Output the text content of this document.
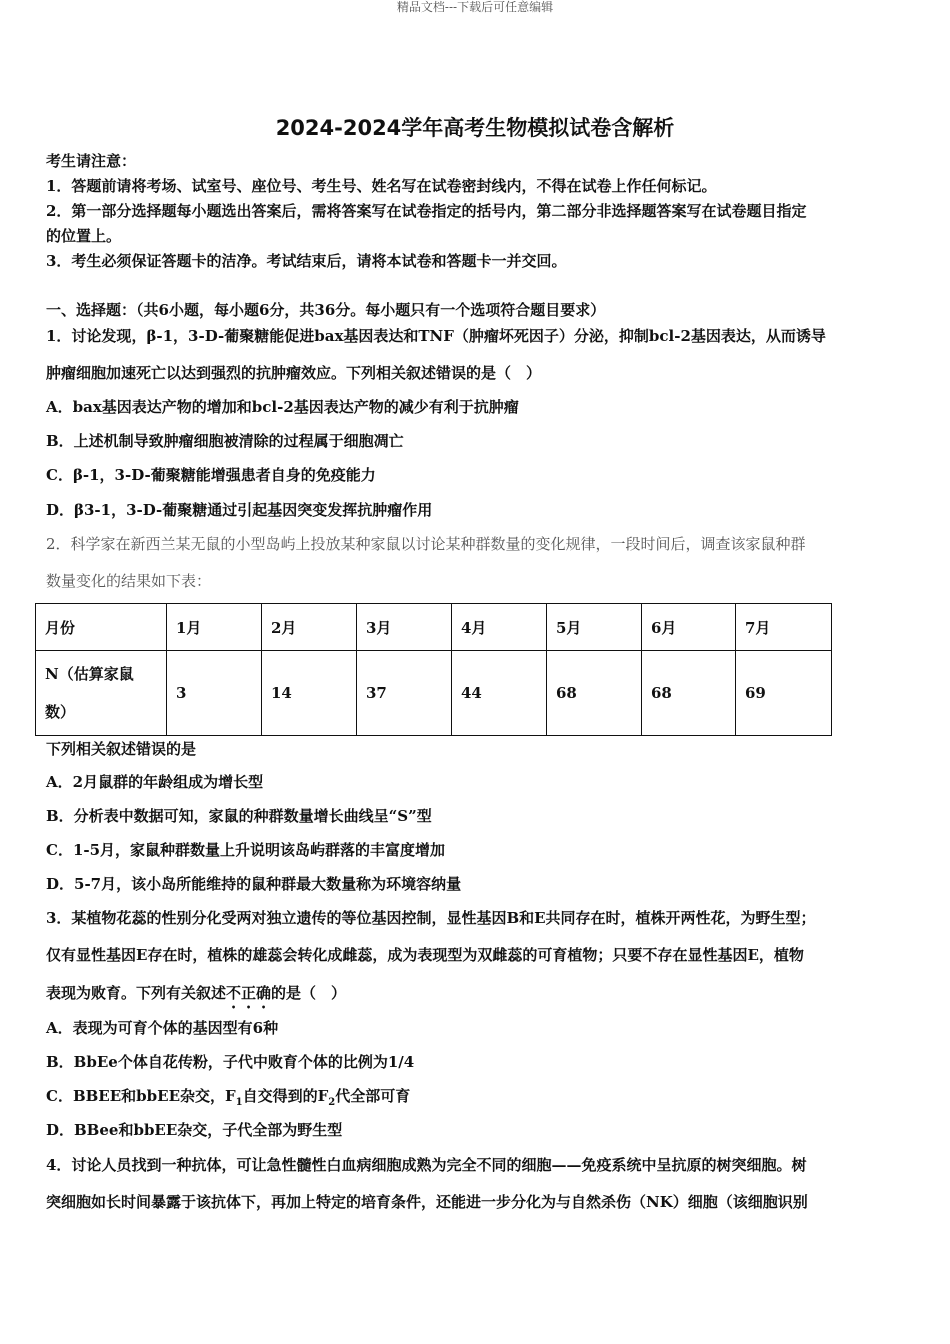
精品文档---下载后可任意编辑
2024-2024学年高考生物模拟试卷含解析
考生请注意：
1．答题前请将考场、试室号、座位号、考生号、姓名写在试卷密封线内，不得在试卷上作任何标记。
2．第一部分选择题每小题选出答案后，需将答案写在试卷指定的括号内，第二部分非选择题答案写在试卷题目指定
的位置上。
3．考生必须保证答题卡的洁净。考试结束后，请将本试卷和答题卡一并交回。
一、选择题：（共6小题，每小题6分，共36分。每小题只有一个选项符合题目要求）
1．讨论发现，β-1，3-D-葡聚糖能促进bax基因表达和TNF（肿瘤坏死因子）分泌，抑制bcl-2基因表达，从而诱导
肿瘤细胞加速死亡以达到强烈的抗肿瘤效应。下列相关叙述错误的是（　）
A．bax基因表达产物的增加和bcl-2基因表达产物的减少有利于抗肿瘤
B．上述机制导致肿瘤细胞被清除的过程属于细胞凋亡
C．β-1，3-D-葡聚糖能增强患者自身的免疫能力
D．β3-1，3-D-葡聚糖通过引起基因突变发挥抗肿瘤作用
2．科学家在新西兰某无鼠的小型岛屿上投放某种家鼠以讨论某种群数量的变化规律，一段时间后，调查该家鼠种群
数量变化的结果如下表：
月份	1月	2月	3月	4月	5月	6月	7月

N（估算家鼠
数）	3	14	37	44	68	68	69
下列相关叙述错误的是
A．2月鼠群的年龄组成为增长型
B．分析表中数据可知，家鼠的种群数量增长曲线呈“S”型
C．1-5月，家鼠种群数量上升说明该岛屿群落的丰富度增加
D．5-7月，该小岛所能维持的鼠种群最大数量称为环境容纳量
3．某植物花蕊的性别分化受两对独立遗传的等位基因控制，显性基因B和E共同存在时，植株开两性花，为野生型；
仅有显性基因E存在时，植株的雄蕊会转化成雌蕊，成为表现型为双雌蕊的可育植物；只要不存在显性基因E，植物
表现为败育。下列有关叙述不正确的是（　）
A．表现为可育个体的基因型有6种
B．BbEe个体自花传粉，子代中败育个体的比例为1/4
C．BBEE和bbEE杂交，$F_1$自交得到的$F_2$代全部可育
D．BBee和bbEE杂交，子代全部为野生型
4．讨论人员找到一种抗体，可让急性髓性白血病细胞成熟为完全不同的细胞——免疫系统中呈抗原的树突细胞。树
突细胞如长时间暴露于该抗体下，再加上特定的培育条件，还能进一步分化为与自然杀伤（NK）细胞（该细胞识别
